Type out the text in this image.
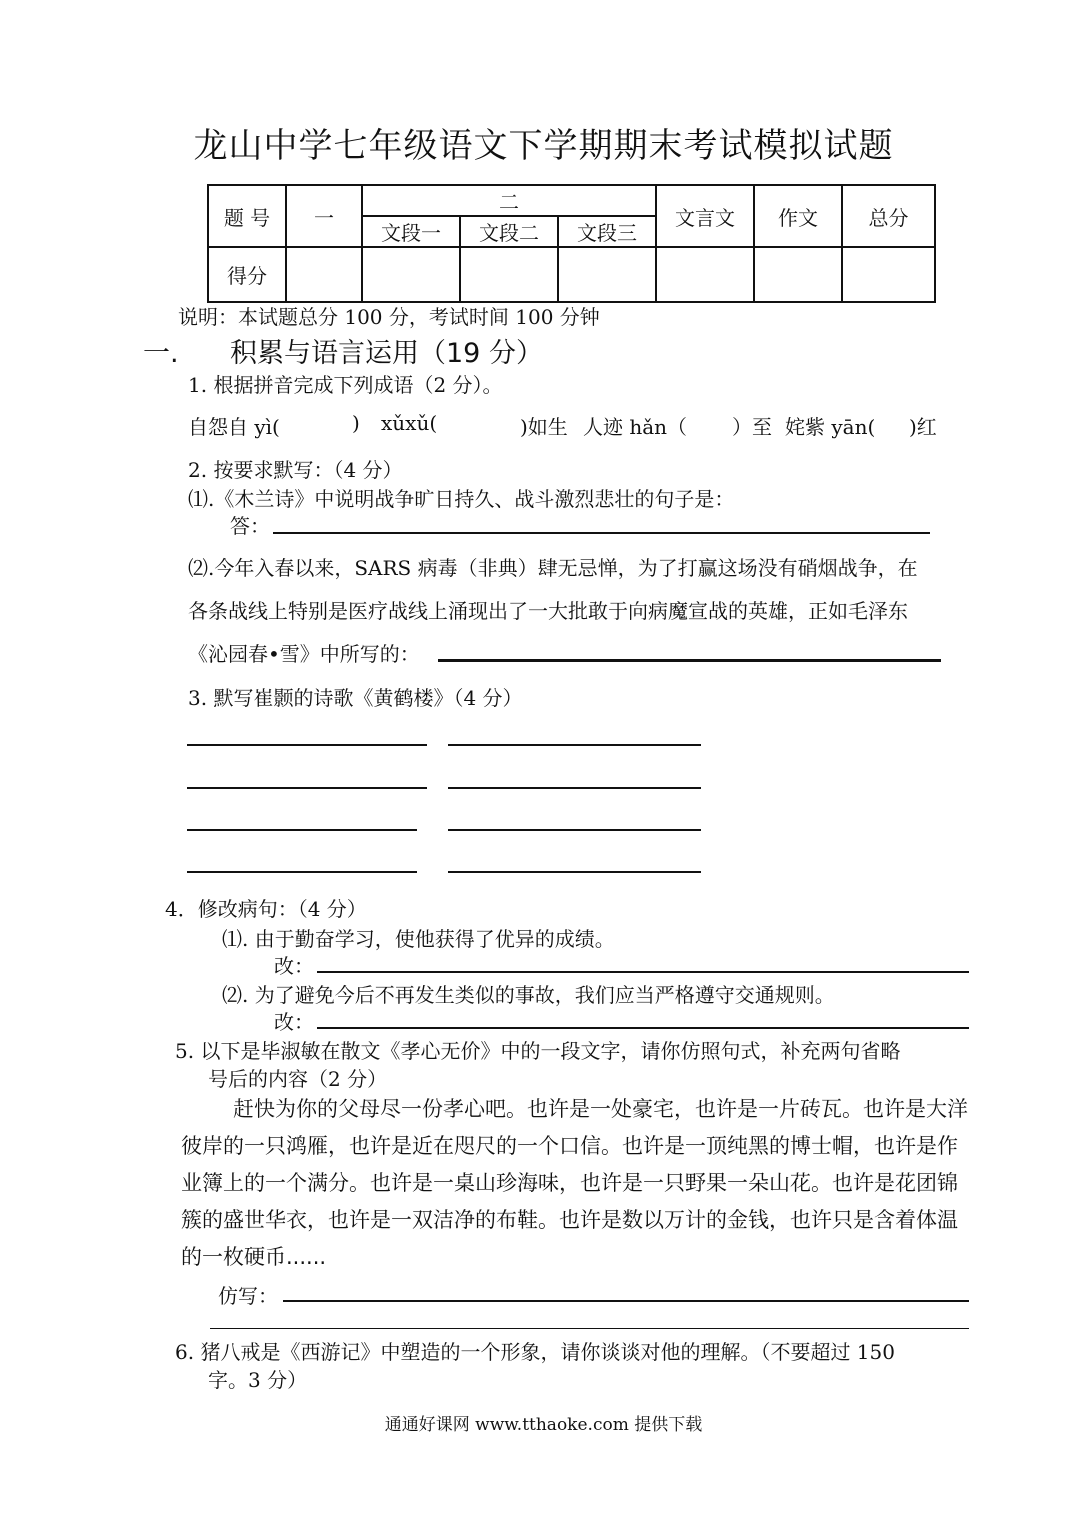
龙山中学七年级语文下学期期末考试模拟试题
题 号	一	二			文言文	作文	总分
		文段一	文段二	文段三			
得分							
说明：本试题总分 100 分，考试时间 100 分钟
一. 积累与语言运用（19 分）
1. 根据拼音完成下列成语（2 分）。
自怨自 yì(	) xǔxǔ(	)如生 人迹 hǎn（ ）至 姹紫 yān( )红
2. 按要求默写：（4 分）
⑴.《木兰诗》中说明战争旷日持久、战斗激烈悲壮的句子是：
答：
⑵.今年入春以来，SARS 病毒（非典）肆无忌惮，为了打赢这场没有硝烟战争，在
各条战线上特别是医疗战线上涌现出了一大批敢于向病魔宣战的英雄，正如毛泽东
《沁园春•雪》中所写的：
3. 默写崔颢的诗歌《黄鹤楼》（4 分）
4．修改病句：（4 分）
⑴. 由于勤奋学习，使他获得了优异的成绩。
改：
⑵. 为了避免今后不再发生类似的事故，我们应当严格遵守交通规则。
改：
5. 以下是毕淑敏在散文《孝心无价》中的一段文字，请你仿照句式，补充两句省略
号后的内容（2 分）
赶快为你的父母尽一份孝心吧。也许是一处豪宅，也许是一片砖瓦。也许是大洋彼岸的一只鸿雁，也许是近在咫尺的一个口信。也许是一顶纯黑的博士帽，也许是作业簿上的一个满分。也许是一桌山珍海味，也许是一只野果一朵山花。也许是花团锦簇的盛世华衣，也许是一双洁净的布鞋。也许是数以万计的金钱，也许只是含着体温的一枚硬币......
仿写：
6. 猪八戒是《西游记》中塑造的一个形象，请你谈谈对他的理解。（不要超过 150
字。3 分）
通通好课网 www.tthaoke.com 提供下载
